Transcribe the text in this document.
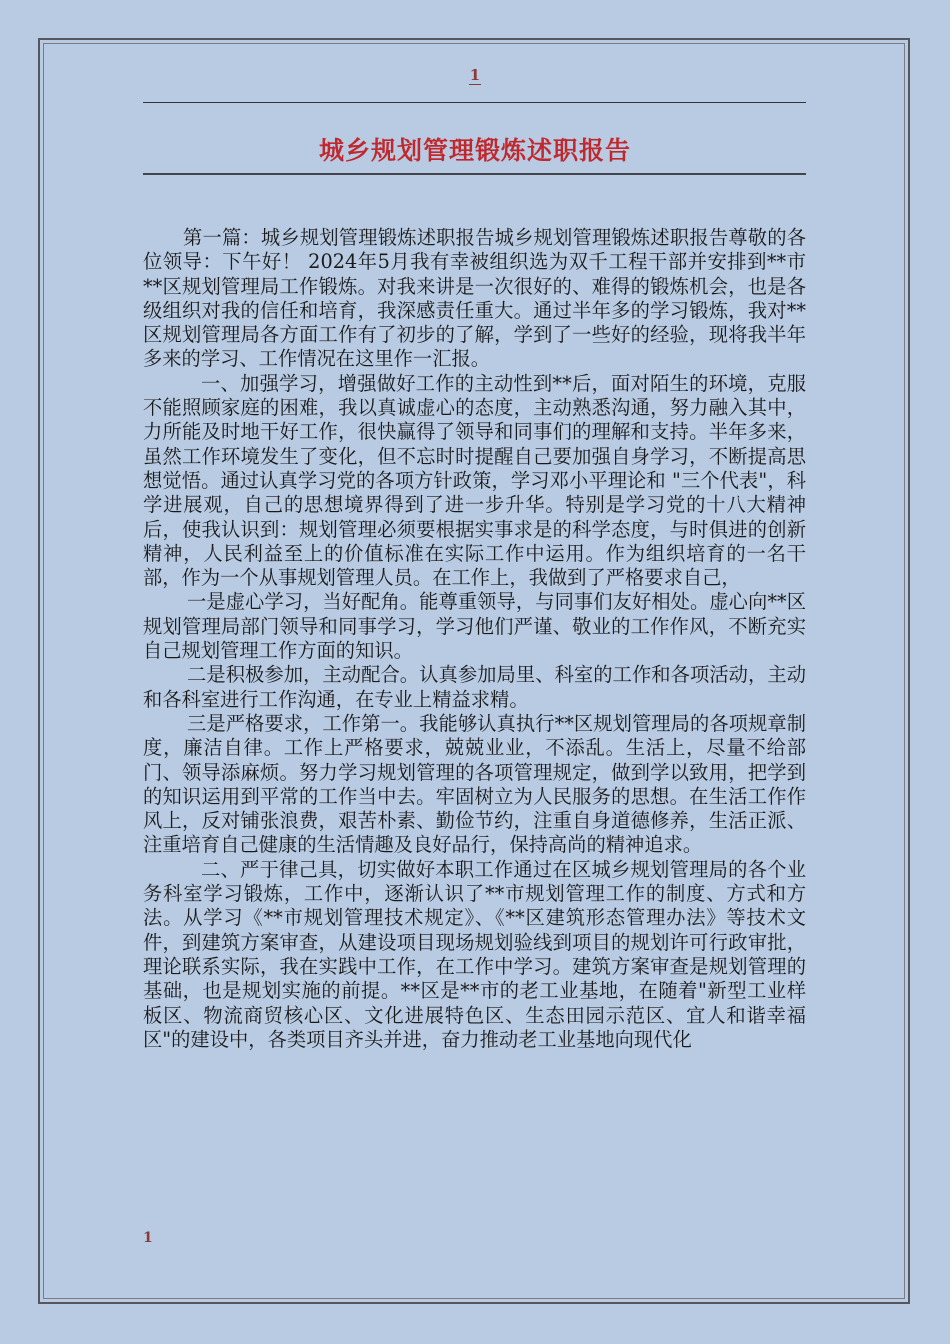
1
城乡规划管理锻炼述职报告

第一篇：城乡规划管理锻炼述职报告城乡规划管理锻炼述职报告尊敬的各位领导：下午好！ 2024年5月我有幸被组织选为双千工程干部并安排到**市**区规划管理局工作锻炼。对我来讲是一次很好的、难得的锻炼机会，也是各级组织对我的信任和培育，我深感责任重大。通过半年多的学习锻炼，我对**区规划管理局各方面工作有了初步的了解，学到了一些好的经验，现将我半年多来的学习、工作情况在这里作一汇报。

一、加强学习，增强做好工作的主动性到**后，面对陌生的环境，克服不能照顾家庭的困难，我以真诚虚心的态度，主动熟悉沟通，努力融入其中，力所能及时地干好工作，很快赢得了领导和同事们的理解和支持。半年多来，虽然工作环境发生了变化，但不忘时时提醒自己要加强自身学习，不断提高思想觉悟。通过认真学习党的各项方针政策，学习邓小平理论和 "三个代表"，科学进展观，自己的思想境界得到了进一步升华。特别是学习党的十八大精神后，使我认识到：规划管理必须要根据实事求是的科学态度，与时俱进的创新精神，人民利益至上的价值标准在实际工作中运用。作为组织培育的一名干部，作为一个从事规划管理人员。在工作上，我做到了严格要求自己，

一是虚心学习，当好配角。能尊重领导，与同事们友好相处。虚心向**区规划管理局部门领导和同事学习，学习他们严谨、敬业的工作作风，不断充实自己规划管理工作方面的知识。

二是积极参加，主动配合。认真参加局里、科室的工作和各项活动，主动和各科室进行工作沟通，在专业上精益求精。

三是严格要求，工作第一。我能够认真执行**区规划管理局的各项规章制度，廉洁自律。工作上严格要求，兢兢业业，不添乱。生活上，尽量不给部门、领导添麻烦。努力学习规划管理的各项管理规定，做到学以致用，把学到的知识运用到平常的工作当中去。牢固树立为人民服务的思想。在生活工作作风上，反对铺张浪费，艰苦朴素、勤俭节约，注重自身道德修养，生活正派、注重培育自己健康的生活情趣及良好品行，保持高尚的精神追求。

二、严于律己具，切实做好本职工作通过在区城乡规划管理局的各个业务科室学习锻炼，工作中，逐渐认识了**市规划管理工作的制度、方式和方法。从学习《**市规划管理技术规定》、《**区建筑形态管理办法》等技术文件，到建筑方案审查，从建设项目现场规划验线到项目的规划许可行政审批，理论联系实际，我在实践中工作，在工作中学习。建筑方案审查是规划管理的基础，也是规划实施的前提。**区是**市的老工业基地，在随着"新型工业样板区、物流商贸核心区、文化进展特色区、生态田园示范区、宜人和谐幸福区"的建设中，各类项目齐头并进，奋力推动老工业基地向现代化

1
